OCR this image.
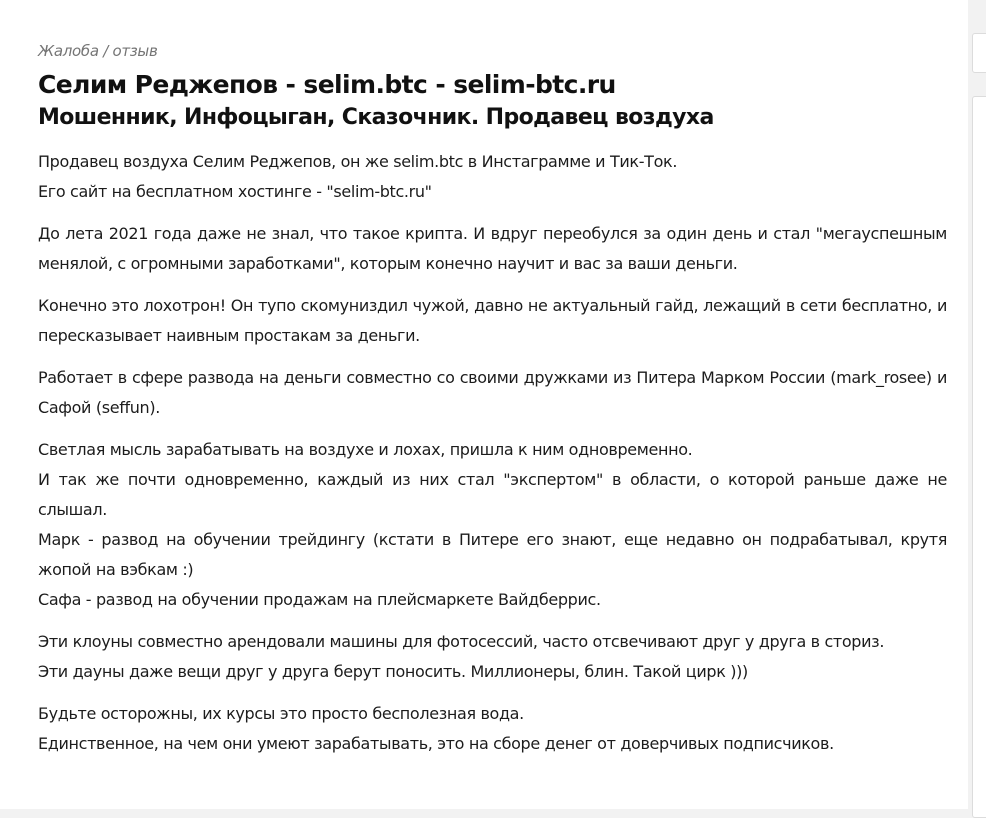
Жалоба / отзыв
Селим Реджепов - selim.btc - selim-btc.ru
Мошенник, Инфоцыган, Сказочник. Продавец воздуха

Продавец воздуха Селим Реджепов, он же selim.btc в Инстаграмме и Тик-Ток.
Его сайт на бесплатном хостинге - "selim-btc.ru"

До лета 2021 года даже не знал, что такое крипта. И вдруг переобулся за один день и стал "мегауспешным менялой, с огромными заработками", которым конечно научит и вас за ваши деньги.

Конечно это лохотрон! Он тупо скомуниздил чужой, давно не актуальный гайд, лежащий в сети бесплатно, и пересказывает наивным простакам за деньги.

Работает в сфере развода на деньги совместно со своими дружками из Питера Марком России (mark_rosee) и Сафой (seffun).

Светлая мысль зарабатывать на воздухе и лохах, пришла к ним одновременно.
И так же почти одновременно, каждый из них стал "экспертом" в области, о которой раньше даже не слышал.
Марк - развод на обучении трейдингу (кстати в Питере его знают, еще недавно он подрабатывал, крутя жопой на вэбкам :)
Сафа - развод на обучении продажам на плейсмаркете Вайдберрис.

Эти клоуны совместно арендовали машины для фотосессий, часто отсвечивают друг у друга в сториз.
Эти дауны даже вещи друг у друга берут поносить. Миллионеры, блин. Такой цирк )))

Будьте осторожны, их курсы это просто бесполезная вода.
Единственное, на чем они умеют зарабатывать, это на сборе денег от доверчивых подписчиков.
